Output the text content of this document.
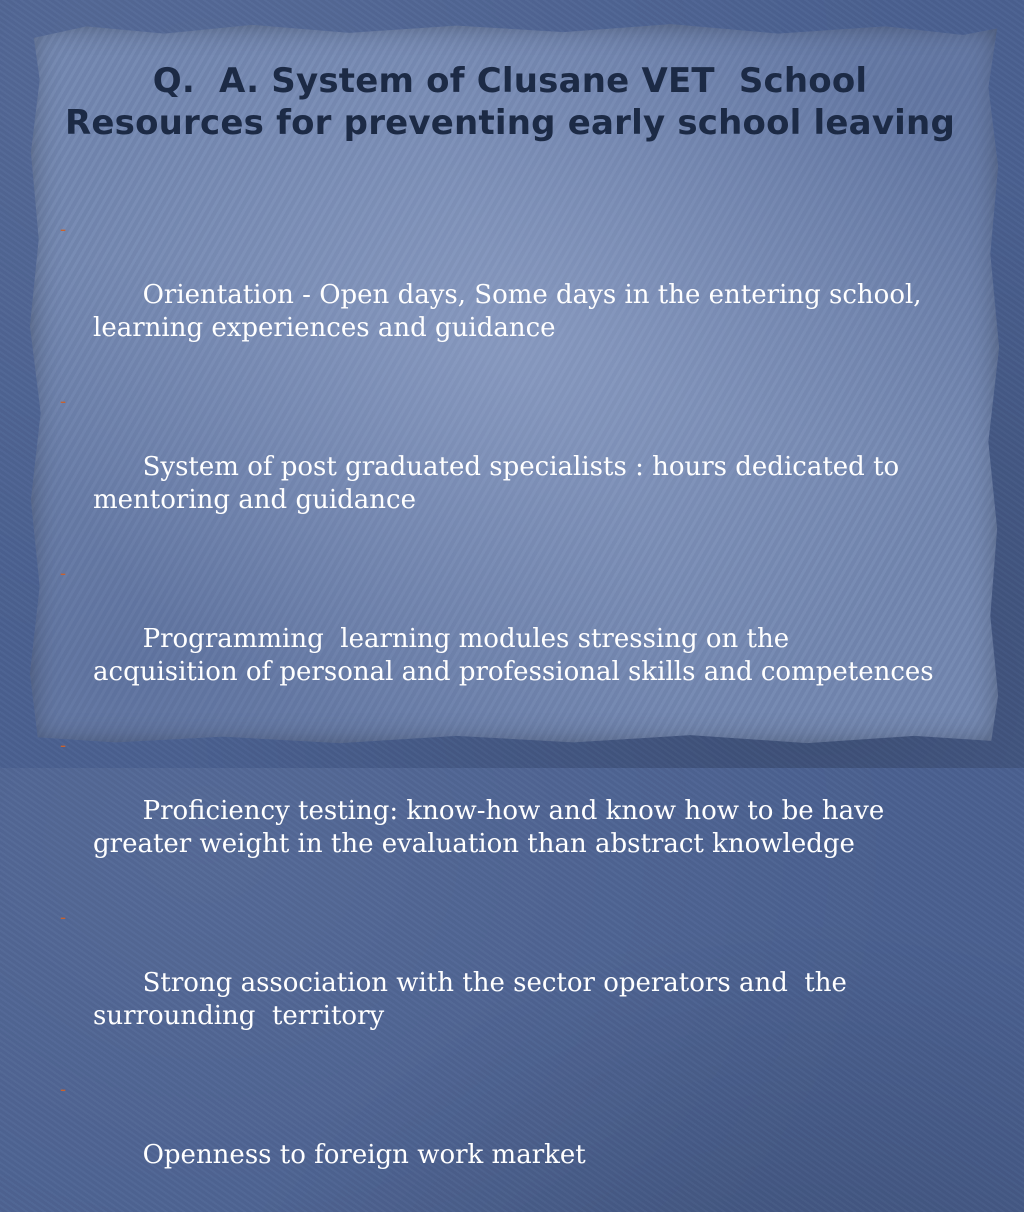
Q.  A. System of Clusane VET  School
Resources for preventing early school leaving

-

Orientation - Open days, Some days in the entering school, learning experiences and guidance

-

System of post graduated specialists : hours dedicated to mentoring and guidance

-

Programming  learning modules stressing on the acquisition of personal and professional skills and competences

-

Proficiency testing: know-how and know how to be have greater weight in the evaluation than abstract knowledge

-

Strong association with the sector operators and  the surrounding  territory

-

Openness to foreign work market
